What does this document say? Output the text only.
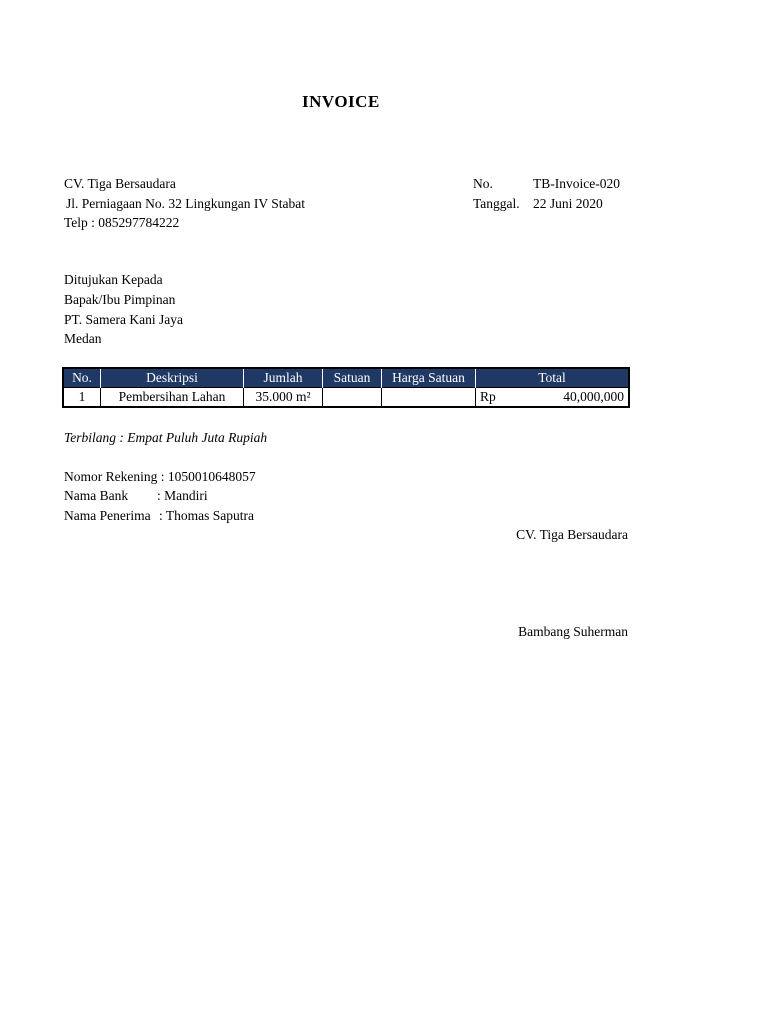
INVOICE
CV. Tiga Bersaudara
Jl. Perniagaan No. 32 Lingkungan IV Stabat
Telp : 085297784222
No.	TB-Invoice-020
Tanggal. 22 Juni 2020
Ditujukan Kepada
Bapak/Ibu Pimpinan
PT. Samera Kani Jaya
Medan
No.	Deskripsi	Jumlah	Satuan	Harga Satuan	Total
1	Pembersihan Lahan	35.000 m²			Rp 40,000,000
Terbilang : Empat Puluh Juta Rupiah
Nomor Rekening : 1050010648057
Nama Bank : Mandiri
Nama Penerima : Thomas Saputra
CV. Tiga Bersaudara
Bambang Suherman
